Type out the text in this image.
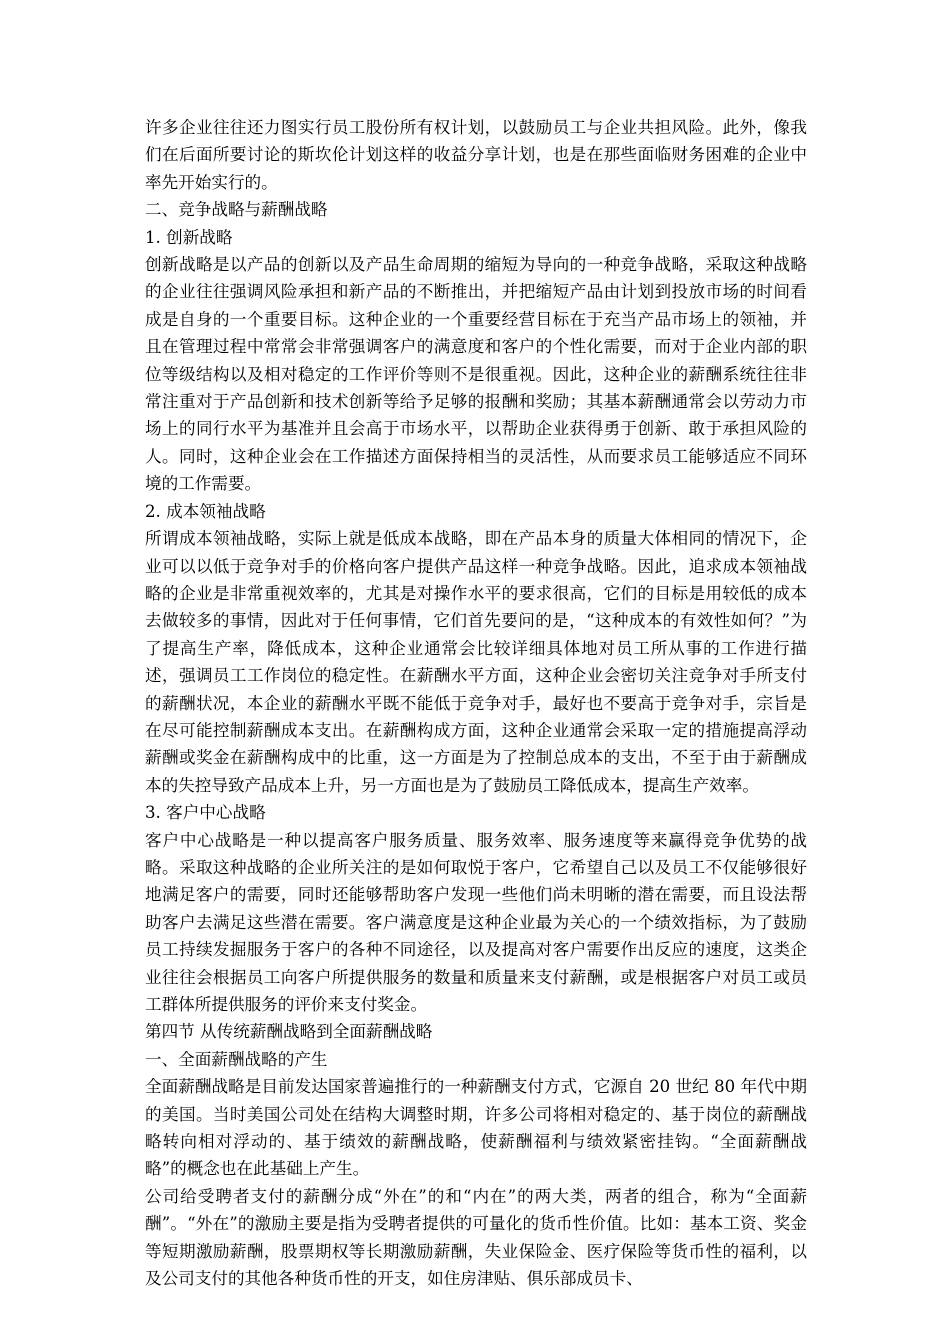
许多企业往往还力图实行员工股份所有权计划，以鼓励员工与企业共担风险。此外，像我们在后面所要讨论的斯坎伦计划这样的收益分享计划，也是在那些面临财务困难的企业中率先开始实行的。

二、竞争战略与薪酬战略

1. 创新战略

创新战略是以产品的创新以及产品生命周期的缩短为导向的一种竞争战略，采取这种战略的企业往往强调风险承担和新产品的不断推出，并把缩短产品由计划到投放市场的时间看成是自身的一个重要目标。这种企业的一个重要经营目标在于充当产品市场上的领袖，并且在管理过程中常常会非常强调客户的满意度和客户的个性化需要，而对于企业内部的职位等级结构以及相对稳定的工作评价等则不是很重视。因此，这种企业的薪酬系统往往非常注重对于产品创新和技术创新等给予足够的报酬和奖励；其基本薪酬通常会以劳动力市场上的同行水平为基准并且会高于市场水平，以帮助企业获得勇于创新、敢于承担风险的人。同时，这种企业会在工作描述方面保持相当的灵活性，从而要求员工能够适应不同环境的工作需要。

2. 成本领袖战略

所谓成本领袖战略，实际上就是低成本战略，即在产品本身的质量大体相同的情况下，企业可以以低于竞争对手的价格向客户提供产品这样一种竞争战略。因此，追求成本领袖战略的企业是非常重视效率的，尤其是对操作水平的要求很高，它们的目标是用较低的成本去做较多的事情，因此对于任何事情，它们首先要问的是，“这种成本的有效性如何？”为了提高生产率，降低成本，这种企业通常会比较详细具体地对员工所从事的工作进行描述，强调员工工作岗位的稳定性。在薪酬水平方面，这种企业会密切关注竞争对手所支付的薪酬状况，本企业的薪酬水平既不能低于竞争对手，最好也不要高于竞争对手，宗旨是在尽可能控制薪酬成本支出。在薪酬构成方面，这种企业通常会采取一定的措施提高浮动薪酬或奖金在薪酬构成中的比重，这一方面是为了控制总成本的支出，不至于由于薪酬成本的失控导致产品成本上升，另一方面也是为了鼓励员工降低成本，提高生产效率。

3. 客户中心战略

客户中心战略是一种以提高客户服务质量、服务效率、服务速度等来赢得竞争优势的战略。采取这种战略的企业所关注的是如何取悦于客户，它希望自己以及员工不仅能够很好地满足客户的需要，同时还能够帮助客户发现一些他们尚未明晰的潜在需要，而且设法帮助客户去满足这些潜在需要。客户满意度是这种企业最为关心的一个绩效指标，为了鼓励员工持续发掘服务于客户的各种不同途径，以及提高对客户需要作出反应的速度，这类企业往往会根据员工向客户所提供服务的数量和质量来支付薪酬，或是根据客户对员工或员工群体所提供服务的评价来支付奖金。

第四节 从传统薪酬战略到全面薪酬战略

一、全面薪酬战略的产生

全面薪酬战略是目前发达国家普遍推行的一种薪酬支付方式，它源自 20 世纪 80 年代中期的美国。当时美国公司处在结构大调整时期，许多公司将相对稳定的、基于岗位的薪酬战略转向相对浮动的、基于绩效的薪酬战略，使薪酬福利与绩效紧密挂钩。“全面薪酬战略”的概念也在此基础上产生。

公司给受聘者支付的薪酬分成“外在”的和“内在”的两大类，两者的组合，称为“全面薪酬”。“外在”的激励主要是指为受聘者提供的可量化的货币性价值。比如：基本工资、奖金等短期激励薪酬，股票期权等长期激励薪酬，失业保险金、医疗保险等货币性的福利，以及公司支付的其他各种货币性的开支，如住房津贴、俱乐部成员卡、
